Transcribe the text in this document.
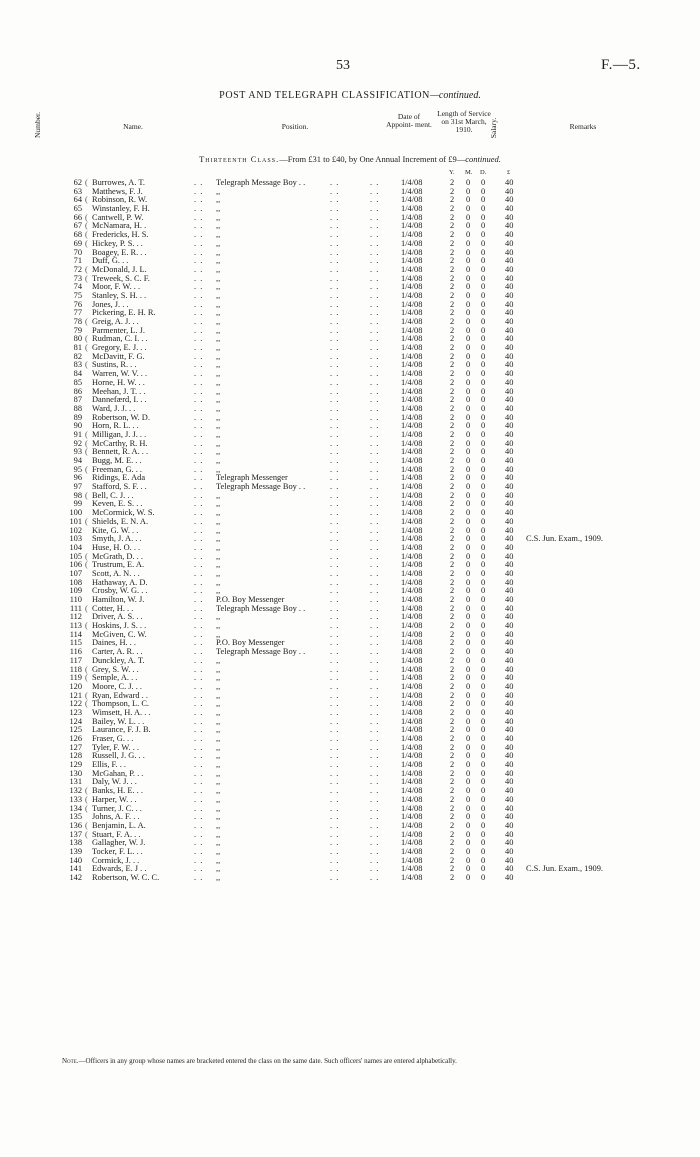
53	F.—5.
POST AND TELEGRAPH CLASSIFICATION—continued.
Number.	Name.	Position.
Date of Appoint- ment.
Length of Service on 31st March, 1910.	Salary.	Remarks
Thirteenth Class.—From £31 to £40, by One Annual Increment of £9—continued.
Y. M. D.	£
62 ( Burrowes, A. T.	. . Telegraph Message Boy . .	. .	. .	1/4/08	2 0 0 40
63 Matthews, F. J.	. . ,,	. .	. .	1/4/08	2 0 0 40
64 ( Robinson, R. W.	. . ,,	. .	. .	1/4/08	2 0 0 40
65 Winstanley, F. H.	. . ,,	. .	. .	1/4/08	2 0 0 40
66 ( Cantwell, P. W.	. . ,,	. .	. .	1/4/08	2 0 0 40
67 ( McNamara, H. .	. . ,,	. .	. .	1/4/08	2 0 0 40
68 ( Fredericks, H. S.	. . ,,	. .	. .	1/4/08	2 0 0 40
69 ( Hickey, P. S. . .	. . ,,	. .	. .	1/4/08	2 0 0 40
70 Boagey, E. R. . .	. . ,,	. .	. .	1/4/08	2 0 0 40
71 Duff, G. . .	. . ,,	. .	. .	1/4/08	2 0 0 40
72 ( McDonald, J. L.	. . ,,	. .	. .	1/4/08	2 0 0 40
73 ( Treweek, S. C. F.	. . ,,	. .	. .	1/4/08	2 0 0 40
74 Moor, F. W. . .	. . ,,	. .	. .	1/4/08	2 0 0 40
75 Stanley, S. H. . .	. . ,,	. .	. .	1/4/08	2 0 0 40
76 Jones, J. . .	. . ,,	. .	. .	1/4/08	2 0 0 40
77 Pickering, E. H. R.	. . ,,	. .	. .	1/4/08	2 0 0 40
78 ( Greig, A. J. . .	. . ,,	. .	. .	1/4/08	2 0 0 40
79 Parmenter, L. J.	. . ,,	. .	. .	1/4/08	2 0 0 40
80 ( Rudman, C. I. . .	. . ,,	. .	. .	1/4/08	2 0 0 40
81 ( Gregory, E. J. . .	. . ,,	. .	. .	1/4/08	2 0 0 40
82 McDavitt, F. G.	. . ,,	. .	. .	1/4/08	2 0 0 40
83 ( Sustins, R. . .	. . ,,	. .	. .	1/4/08	2 0 0 40
84 Warren, W. V. . .	. . ,,	. .	. .	1/4/08	2 0 0 40
85 Horne, H. W. . .	. . ,,	. .	. .	1/4/08	2 0 0 40
86 Meehan, J. T. . .	. . ,,	. .	. .	1/4/08	2 0 0 40
87 Dannefærd, I. . .	. . ,,	. .	. .	1/4/08	2 0 0 40
88 Ward, J. J. . .	. . ,,	. .	. .	1/4/08	2 0 0 40
89 Robertson, W. D.	. . ,,	. .	. .	1/4/08	2 0 0 40
90 Horn, R. L. . .	. . ,,	. .	. .	1/4/08	2 0 0 40
91 ( Milligan, J. J. . .	. . ,,	. .	. .	1/4/08	2 0 0 40
92 ( McCarthy, R. H.	. . ,,	. .	. .	1/4/08	2 0 0 40
93 ( Bennett, R. A. . .	. . ,,	. .	. .	1/4/08	2 0 0 40
94 Bugg, M. E. . .	. . ,,	. .	. .	1/4/08	2 0 0 40
95 ( Freeman, G. . .	. . ,,	. .	. .	1/4/08	2 0 0 40
96 Ridings, E. Ada	. . Telegraph Messenger	. .	. .	1/4/08	2 0 0 40
97 Stafford, S. F. . .	. . Telegraph Message Boy . .	. .	. .	1/4/08	2 0 0 40
98 ( Bell, C. J. . .	. . ,,	. .	. .	1/4/08	2 0 0 40
99 Keven, E. S. . .	. . ,,	. .	. .	1/4/08	2 0 0 40
100 McCormick, W. S.	. . ,,	. .	. .	1/4/08	2 0 0 40
101 ( Shields, E. N. A.	. . ,,	. .	. .	1/4/08	2 0 0 40
102 Kite, G. W. . .	. . ,,	. .	. .	1/4/08	2 0 0 40
103 Smyth, J. A. . .	. . ,,	. .	. .	1/4/08	2 0 0 40 C.S. Jun. Exam., 1909.
104 Huse, H. O. . .	. . ,,	. .	. .	1/4/08	2 0 0 40
105 ( McGrath, D. . .	. . ,,	. .	. .	1/4/08	2 0 0 40
106 ( Trustrum, E. A.	. . ,,	. .	. .	1/4/08	2 0 0 40
107 Scott, A. N. . .	. . ,,	. .	. .	1/4/08	2 0 0 40
108 Hathaway, A. D.	. . ,,	. .	. .	1/4/08	2 0 0 40
109 Crosby, W. G. . .	. . ,,	. .	. .	1/4/08	2 0 0 40
110 Hamilton, W. J.	. . P.O. Boy Messenger	. .	. .	1/4/08	2 0 0 40
111 ( Cotter, H. . .	. . Telegraph Message Boy . .	. .	. .	1/4/08	2 0 0 40
112 Driver, A. S. . .	. . ,,	. .	. .	1/4/08	2 0 0 40
113 ( Hoskins, J. S. . .	. . ,,	. .	. .	1/4/08	2 0 0 40
114 McGiven, C. W.	. . ,,	. .	. .	1/4/08	2 0 0 40
115 Daines, H. . .	. . P.O. Boy Messenger	. .	. .	1/4/08	2 0 0 40
116 Carter, A. R. . .	. . Telegraph Message Boy . .	. .	. .	1/4/08	2 0 0 40
117 Dunckley, A. T.	. . ,,	. .	. .	1/4/08	2 0 0 40
118 ( Grey, S. W. . .	. . ,,	. .	. .	1/4/08	2 0 0 40
119 ( Semple, A. . .	. . ,,	. .	. .	1/4/08	2 0 0 40
120 Moore, C. J. . .	. . ,,	. .	. .	1/4/08	2 0 0 40
121 ( Ryan, Edward . .	. . ,,	. .	. .	1/4/08	2 0 0 40
122 ( Thompson, L. C.	. . ,,	. .	. .	1/4/08	2 0 0 40
123 Wimsett, H. A. . .	. . ,,	. .	. .	1/4/08	2 0 0 40
124 Bailey, W. L. . .	. . ,,	. .	. .	1/4/08	2 0 0 40
125 Laurance, F. J. B.	. . ,,	. .	. .	1/4/08	2 0 0 40
126 Fraser, G. . .	. . ,,	. .	. .	1/4/08	2 0 0 40
127 Tyler, F. W. . .	. . ,,	. .	. .	1/4/08	2 0 0 40
128 Russell, J. G. . .	. . ,,	. .	. .	1/4/08	2 0 0 40
129 Ellis, F. . .	. . ,,	. .	. .	1/4/08	2 0 0 40
130 McGahan, P. . .	. . ,,	. .	. .	1/4/08	2 0 0 40
131 Daly, W. J. . .	. . ,,	. .	. .	1/4/08	2 0 0 40
132 ( Banks, H. E. . .	. . ,,	. .	. .	1/4/08	2 0 0 40
133 ( Harper, W. . .	. . ,,	. .	. .	1/4/08	2 0 0 40
134 ( Turner, J. C. . .	. . ,,	. .	. .	1/4/08	2 0 0 40
135 Johns, A. F. . .	. . ,,	. .	. .	1/4/08	2 0 0 40
136 ( Benjamin, L. A.	. . ,,	. .	. .	1/4/08	2 0 0 40
137 ( Stuart, F. A. . .	. . ,,	. .	. .	1/4/08	2 0 0 40
138 Gallagher, W. J.	. . ,,	. .	. .	1/4/08	2 0 0 40
139 Tocker, F. L. . .	. . ,,	. .	. .	1/4/08	2 0 0 40
140 Cormick, J. . .	. . ,,	. .	. .	1/4/08	2 0 0 40
141 Edwards, E. J . .	. . ,,	. .	. .	1/4/08	2 0 0 40 C.S. Jun. Exam., 1909.
142 Robertson, W. C. C.	. . ,,	. .	. .	1/4/08	2 0 0 40
Note.—Officers in any group whose names are bracketed entered the class on the same date. Such officers' names are entered alphabetically.
